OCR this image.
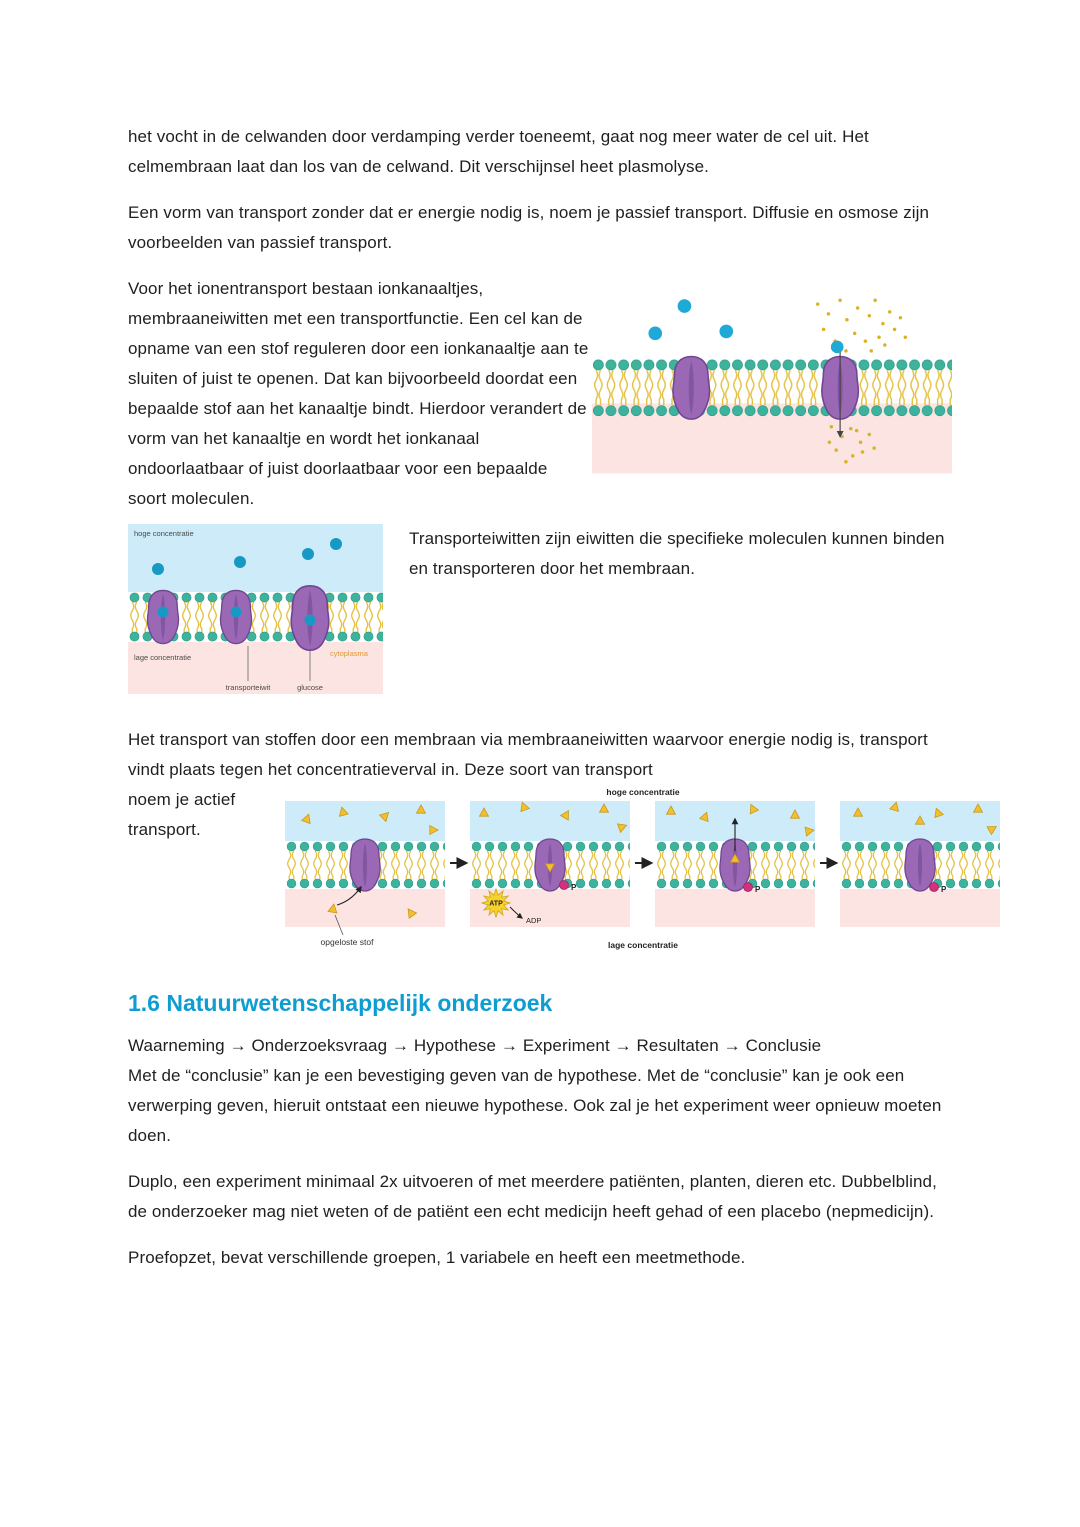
het vocht in de celwanden door verdamping verder toeneemt, gaat nog meer water de cel uit. Het celmembraan laat dan los van de celwand. Dit verschijnsel heet plasmolyse.

Een vorm van transport zonder dat er energie nodig is, noem je passief transport. Diffusie en osmose zijn voorbeelden van passief transport.

Voor het ionentransport bestaan ionkanaaltjes, membraaneiwitten met een transportfunctie. Een cel kan de opname van een stof reguleren door een ionkanaaltje aan te sluiten of juist te openen. Dat kan bijvoorbeeld doordat een bepaalde stof aan het kanaaltje bindt. Hierdoor verandert de vorm van het kanaaltje en wordt het ionkanaal ondoorlaatbaar of juist doorlaatbaar voor een bepaalde soort moleculen.

hoge concentratie
lage concentratie	cytoplasma
transporteiwit	glucose

Transporteiwitten zijn eiwitten die specifieke moleculen kunnen binden en transporteren door het membraan.

Het transport van stoffen door een membraan via membraaneiwitten waarvoor energie nodig is, transport vindt plaats tegen het concentratieverval in. Deze soort van transport

noem je actief transport.

hoge concentratie
ATP
ADP
P	P	P
opgeloste stof	lage concentratie
1.6 Natuurwetenschappelijk onderzoek

Waarneming → Onderzoeksvraag → Hypothese → Experiment → Resultaten → Conclusie

Met de “conclusie” kan je een bevestiging geven van de hypothese. Met de “conclusie” kan je ook een verwerping geven, hieruit ontstaat een nieuwe hypothese. Ook zal je het experiment weer opnieuw moeten doen.

Duplo, een experiment minimaal 2x uitvoeren of met meerdere patiënten, planten, dieren etc. Dubbelblind, de onderzoeker mag niet weten of de patiënt een echt medicijn heeft gehad of een placebo (nepmedicijn).

Proefopzet, bevat verschillende groepen, 1 variabele en heeft een meetmethode.
